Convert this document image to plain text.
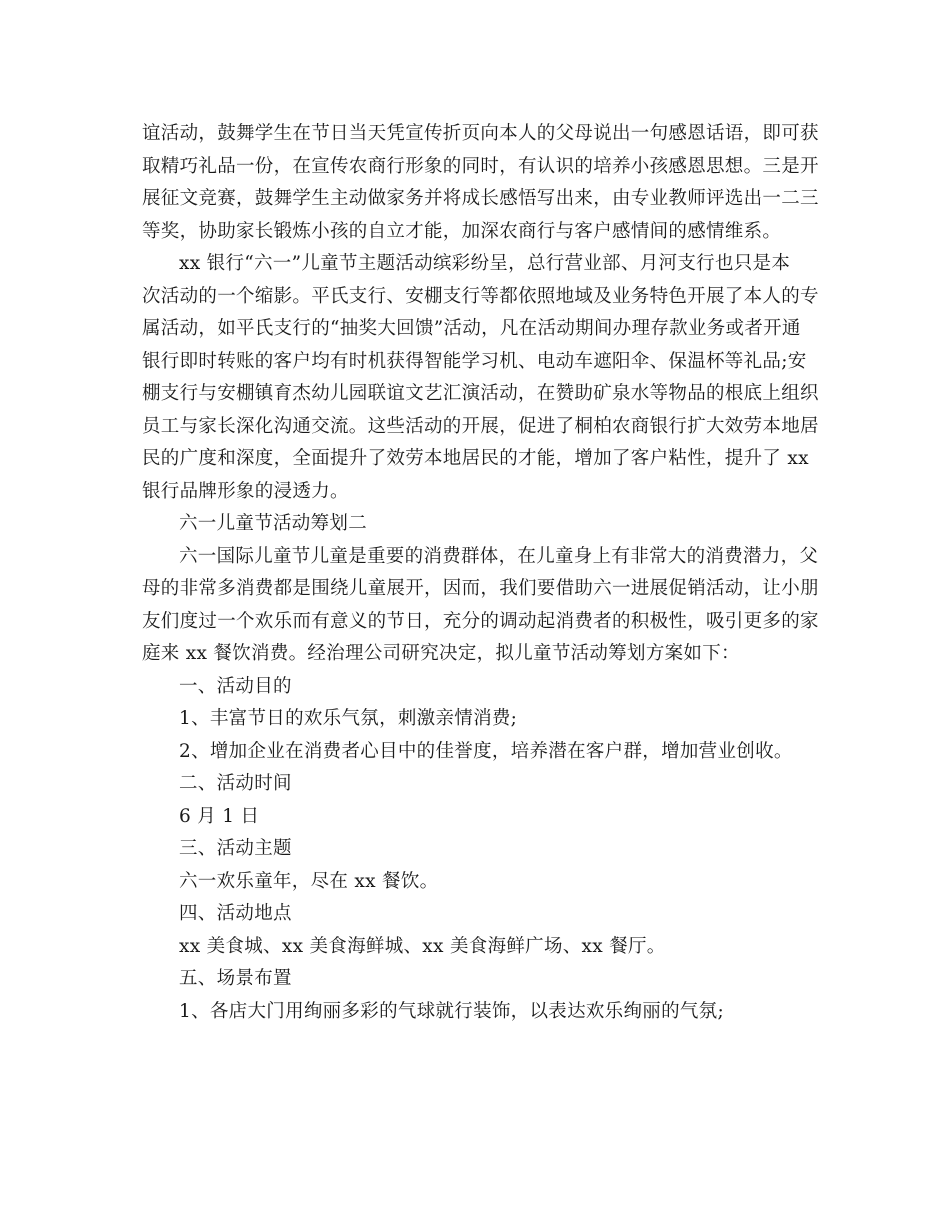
谊活动，鼓舞学生在节日当天凭宣传折页向本人的父母说出一句感恩话语，即可获
取精巧礼品一份，在宣传农商行形象的同时，有认识的培养小孩感恩思想。三是开
展征文竞赛，鼓舞学生主动做家务并将成长感悟写出来，由专业教师评选出一二三
等奖，协助家长锻炼小孩的自立才能，加深农商行与客户感情间的感情维系。

xx 银行“六一”儿童节主题活动缤彩纷呈，总行营业部、月河支行也只是本
次活动的一个缩影。平氏支行、安棚支行等都依照地域及业务特色开展了本人的专
属活动，如平氏支行的“抽奖大回馈”活动，凡在活动期间办理存款业务或者开通
银行即时转账的客户均有时机获得智能学习机、电动车遮阳伞、保温杯等礼品;安
棚支行与安棚镇育杰幼儿园联谊文艺汇演活动，在赞助矿泉水等物品的根底上组织
员工与家长深化沟通交流。这些活动的开展，促进了桐柏农商银行扩大效劳本地居
民的广度和深度，全面提升了效劳本地居民的才能，增加了客户粘性，提升了 xx
银行品牌形象的浸透力。

六一儿童节活动筹划二

六一国际儿童节儿童是重要的消费群体，在儿童身上有非常大的消费潜力，父
母的非常多消费都是围绕儿童展开，因而，我们要借助六一进展促销活动，让小朋
友们度过一个欢乐而有意义的节日，充分的调动起消费者的积极性，吸引更多的家
庭来 xx 餐饮消费。经治理公司研究决定，拟儿童节活动筹划方案如下：

一、活动目的

1、丰富节日的欢乐气氛，刺激亲情消费;

2、增加企业在消费者心目中的佳誉度，培养潜在客户群，增加营业创收。

二、活动时间

6 月 1 日

三、活动主题

六一欢乐童年，尽在 xx 餐饮。

四、活动地点

xx 美食城、xx 美食海鲜城、xx 美食海鲜广场、xx 餐厅。

五、场景布置

1、各店大门用绚丽多彩的气球就行装饰，以表达欢乐绚丽的气氛;
